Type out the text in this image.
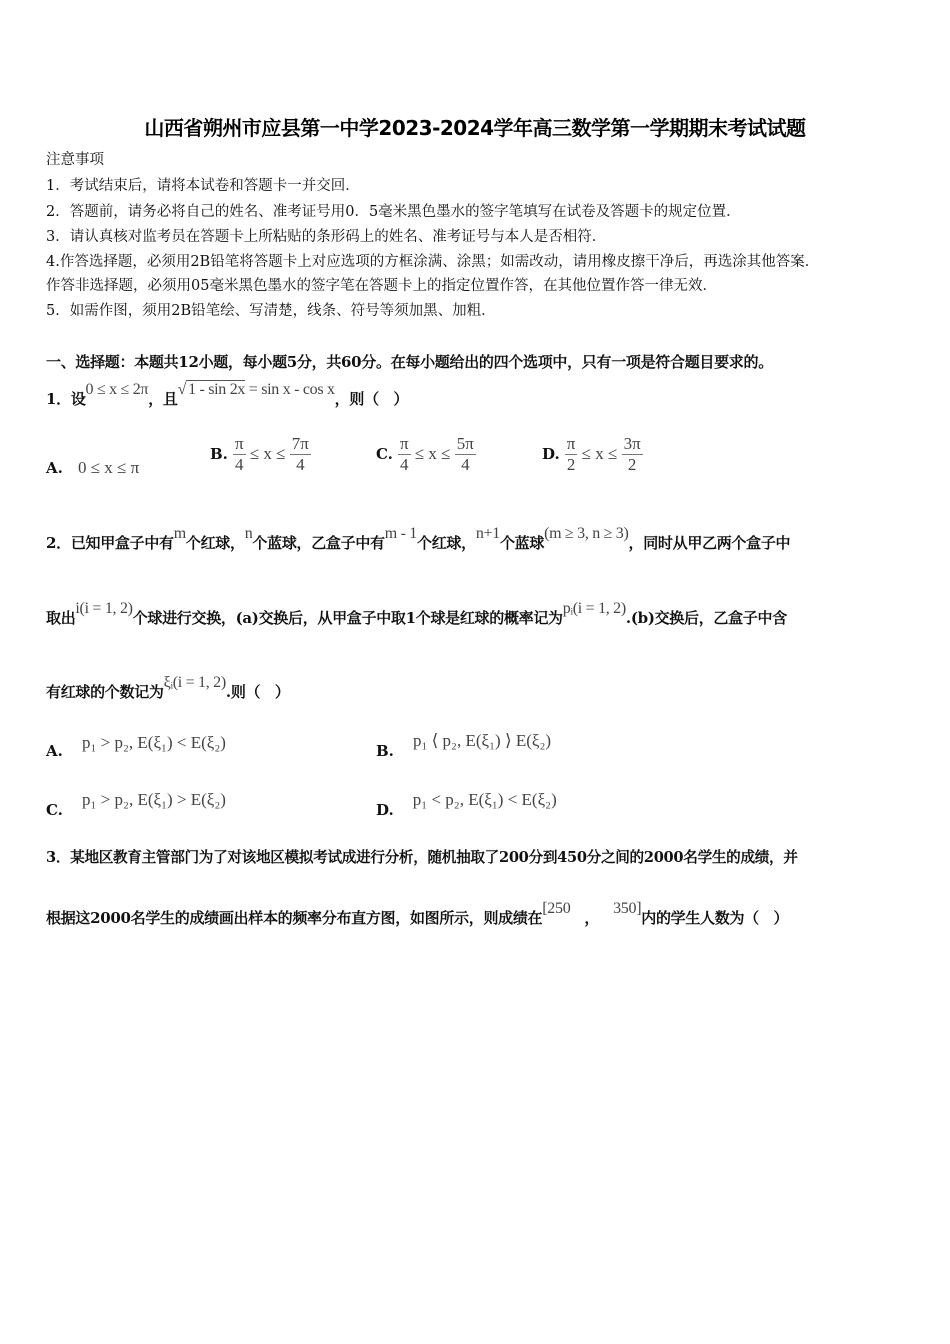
山西省朔州市应县第一中学2023-2024学年高三数学第一学期期末考试试题
注意事项
1．考试结束后，请将本试卷和答题卡一并交回．
2．答题前，请务必将自己的姓名、准考证号用0．5毫米黑色墨水的签字笔填写在试卷及答题卡的规定位置．
3．请认真核对监考员在答题卡上所粘贴的条形码上的姓名、准考证号与本人是否相符．
4.作答选择题，必须用2B铅笔将答题卡上对应选项的方框涂满、涂黑；如需改动，请用橡皮擦干净后，再选涂其他答案．
作答非选择题，必须用05毫米黑色墨水的签字笔在答题卡上的指定位置作答，在其他位置作答一律无效．
5．如需作图，须用2B铅笔绘、写清楚，线条、符号等须加黑、加粗．
一、选择题：本题共12小题，每小题5分，共60分。在每小题给出的四个选项中，只有一项是符合题目要求的。
1．设0 ≤ x ≤ 2π，且√ 1 - sin 2x = sin x - cos x，则（　）
A. 0 ≤ x ≤ π
B. $\frac{\pi}{4} \le x \le \frac{7\pi}{4}$	C. $\frac{\pi}{4} \le x \le \frac{5\pi}{4}$	D. $\frac{\pi}{2} \le x \le \frac{3\pi}{2}$
2．已知甲盒子中有m个红球，n个蓝球，乙盒子中有m - 1个红球，n+1个蓝球(m ≥ 3, n ≥ 3)，同时从甲乙两个盒子中
取出i(i = 1, 2)个球进行交换，(a)交换后，从甲盒子中取1个球是红球的概率记为pᵢ(i = 1, 2).(b)交换后，乙盒子中含
有红球的个数记为ξᵢ(i = 1, 2).则（　）
A. p₁ > p₂, E(ξ₁) < E(ξ₂)	B. p₁ ⟨ p₂, E(ξ₁) ⟩ E(ξ₂)
C. p₁ > p₂, E(ξ₁) > E(ξ₂)
D. p₁ < p₂, E(ξ₁) < E(ξ₂)
3．某地区教育主管部门为了对该地区模拟考试成进行分析，随机抽取了200分到450分之间的2000名学生的成绩，并
根据这2000名学生的成绩画出样本的频率分布直方图，如图所示，则成绩在[250，350]内的学生人数为（　）
